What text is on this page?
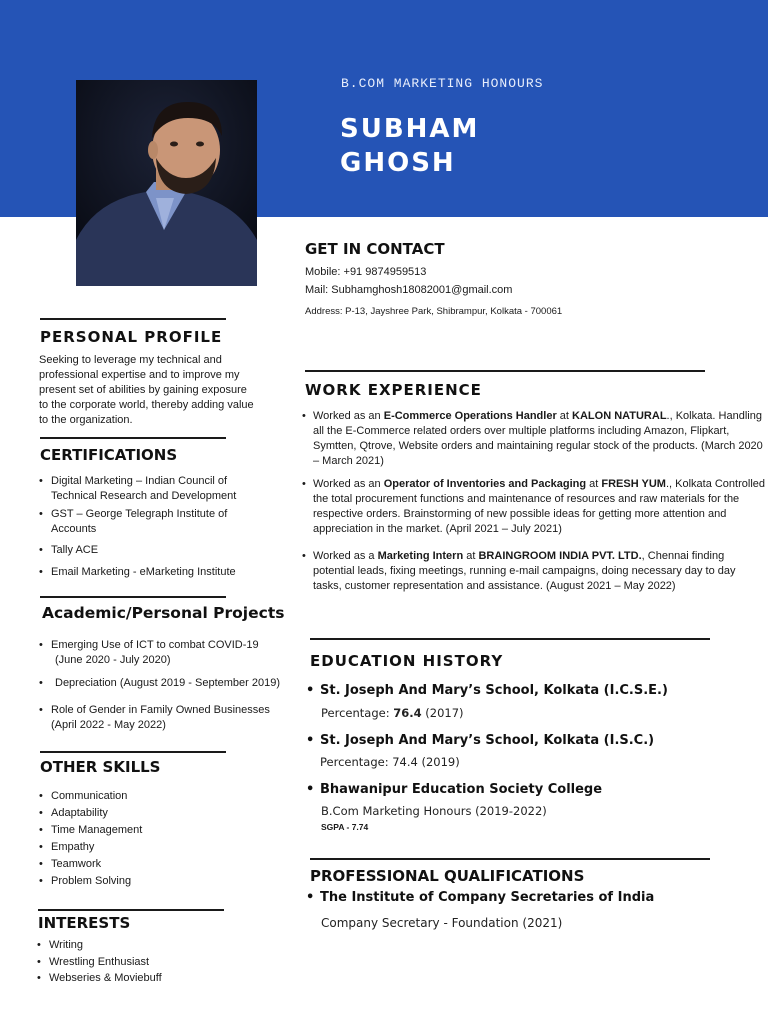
B.COM MARKETING HONOURS
SUBHAM
GHOSH
GET IN CONTACT
Mobile: +91 9874959513
Mail: Subhamghosh18082001@gmail.com
Address: P-13, Jayshree Park, Shibrampur, Kolkata - 700061
PERSONAL PROFILE
Seeking to leverage my technical and professional expertise and to improve my present set of abilities by gaining exposure to the corporate world, thereby adding value to the organization.
CERTIFICATIONS
• Digital Marketing – Indian Council of Technical Research and Development
• GST – George Telegraph Institute of Accounts
• Tally ACE
• Email Marketing - eMarketing Institute
Academic/Personal Projects
• Emerging Use of ICT to combat COVID-19
(June 2020 - July 2020)
• Depreciation (August 2019 - September 2019)
• Role of Gender in Family Owned Businesses
(April 2022 - May 2022)
OTHER SKILLS
• Communication
• Adaptability
• Time Management
• Empathy
• Teamwork
• Problem Solving
INTERESTS
• Writing
• Wrestling Enthusiast
• Webseries & Moviebuff
WORK EXPERIENCE
• Worked as an E-Commerce Operations Handler at KALON NATURAL., Kolkata. Handling all the E-Commerce related orders over multiple platforms including Amazon, Flipkart, Symtten, Qtrove, Website orders and maintaining regular stock of the products. (March 2020 – March 2021)
• Worked as an Operator of Inventories and Packaging at FRESH YUM., Kolkata Controlled the total procurement functions and maintenance of resources and raw materials for the respective orders. Brainstorming of new possible ideas for getting more attention and appreciation in the market. (April 2021 – July 2021)
• Worked as a Marketing Intern at BRAINGROOM INDIA PVT. LTD., Chennai finding potential leads, fixing meetings, running e-mail campaigns, doing necessary day to day tasks, customer representation and assistance. (August 2021 – May 2022)
EDUCATION HISTORY
• St. Joseph And Mary’s School, Kolkata (I.C.S.E.)
Percentage: 76.4 (2017)
• St. Joseph And Mary’s School, Kolkata (I.S.C.)
Percentage: 74.4 (2019)
• Bhawanipur Education Society College
B.Com Marketing Honours (2019-2022)
SGPA - 7.74
PROFESSIONAL QUALIFICATIONS
• The Institute of Company Secretaries of India
Company Secretary - Foundation (2021)
